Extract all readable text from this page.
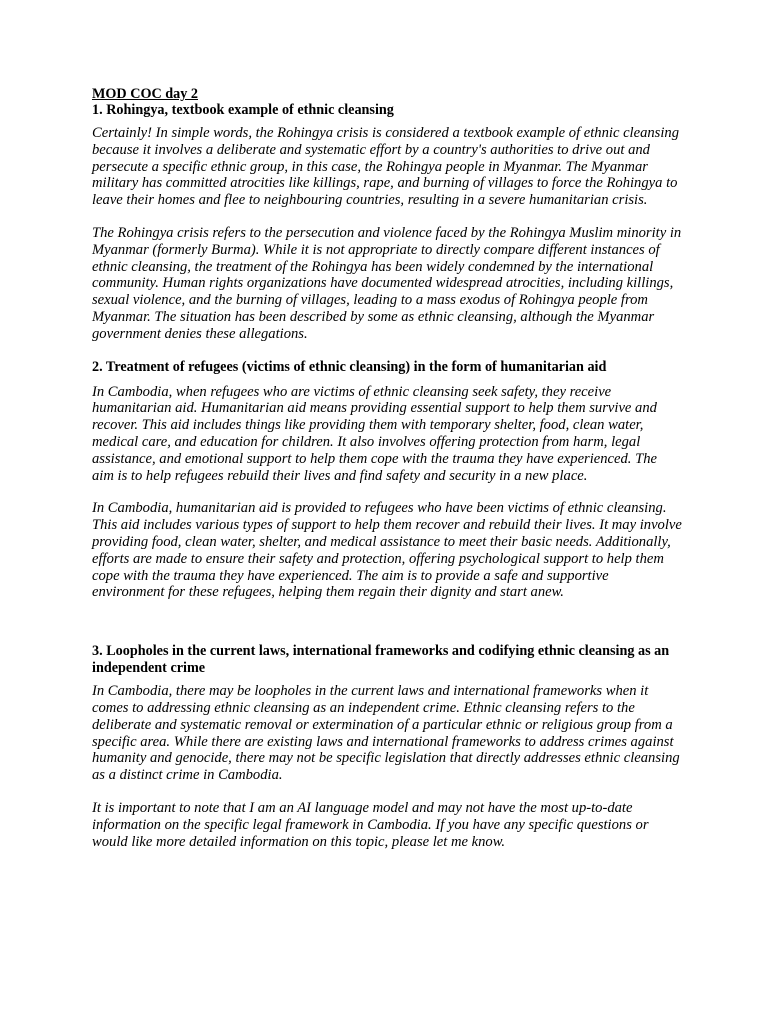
MOD COC day 2

1. Rohingya, textbook example of ethnic cleansing

Certainly! In simple words, the Rohingya crisis is considered a textbook example of ethnic cleansing because it involves a deliberate and systematic effort by a country's authorities to drive out and persecute a specific ethnic group, in this case, the Rohingya people in Myanmar. The Myanmar military has committed atrocities like killings, rape, and burning of villages to force the Rohingya to leave their homes and flee to neighbouring countries, resulting in a severe humanitarian crisis.

The Rohingya crisis refers to the persecution and violence faced by the Rohingya Muslim minority in Myanmar (formerly Burma). While it is not appropriate to directly compare different instances of ethnic cleansing, the treatment of the Rohingya has been widely condemned by the international community. Human rights organizations have documented widespread atrocities, including killings, sexual violence, and the burning of villages, leading to a mass exodus of Rohingya people from Myanmar. The situation has been described by some as ethnic cleansing, although the Myanmar government denies these allegations.

2. Treatment of refugees (victims of ethnic cleansing) in the form of humanitarian aid

In Cambodia, when refugees who are victims of ethnic cleansing seek safety, they receive humanitarian aid. Humanitarian aid means providing essential support to help them survive and recover. This aid includes things like providing them with temporary shelter, food, clean water, medical care, and education for children. It also involves offering protection from harm, legal assistance, and emotional support to help them cope with the trauma they have experienced. The aim is to help refugees rebuild their lives and find safety and security in a new place.

In Cambodia, humanitarian aid is provided to refugees who have been victims of ethnic cleansing. This aid includes various types of support to help them recover and rebuild their lives. It may involve providing food, clean water, shelter, and medical assistance to meet their basic needs. Additionally, efforts are made to ensure their safety and protection, offering psychological support to help them cope with the trauma they have experienced. The aim is to provide a safe and supportive environment for these refugees, helping them regain their dignity and start anew.

3. Loopholes in the current laws, international frameworks and codifying ethnic cleansing as an independent crime

In Cambodia, there may be loopholes in the current laws and international frameworks when it comes to addressing ethnic cleansing as an independent crime. Ethnic cleansing refers to the deliberate and systematic removal or extermination of a particular ethnic or religious group from a specific area. While there are existing laws and international frameworks to address crimes against humanity and genocide, there may not be specific legislation that directly addresses ethnic cleansing as a distinct crime in Cambodia.

It is important to note that I am an AI language model and may not have the most up-to-date information on the specific legal framework in Cambodia. If you have any specific questions or would like more detailed information on this topic, please let me know.
